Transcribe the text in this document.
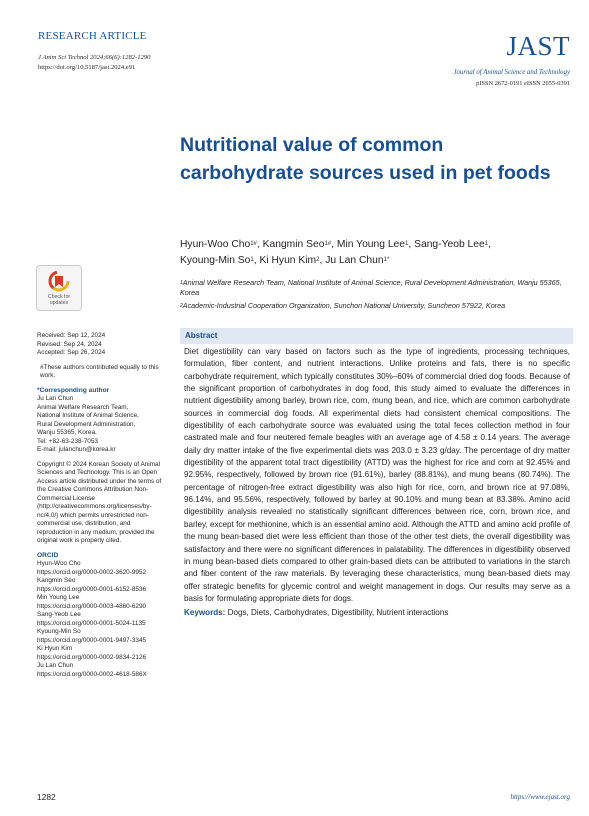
RESEARCH ARTICLE
J Anim Sci Technol 2024;66(6):1282-1290
https://doi.org/10.5187/jast.2024.e91
JAST
Journal of Animal Science and Technology
pISSN 2672-0191 eISSN 2055-0391
Nutritional value of common carbohydrate sources used in pet foods
Hyun-Woo Cho$^{1\#}$, Kangmin Seo$^{1\#}$, Min Young Lee$^1$, Sang-Yeob Lee$^1$,
Kyoung-Min So$^1$, Ki Hyun Kim$^2$, Ju Lan Chun$^{1*}$
$^1$Animal Welfare Research Team, National Institute of Animal Science, Rural Development Administration, Wanju 55365, Korea
$^2$Academic-Industrial Cooperation Organization, Sunchon National University, Suncheon 57922, Korea
Check for
updates
Received: Sep 12, 2024
Revised: Sep 24, 2024
Accepted: Sep 26, 2024
#These authors contributed equally to this work.
*Corresponding author
Ju Lan Chun
Animal Welfare Research Team,
National Institute of Animal Science,
Rural Development Administration,
Wanju 55365, Korea.
Tel: +82-63-238-7053
E-mail: julanchun@korea.kr
Copyright © 2024 Korean Society of Animal Sciences and Technology. This is an Open Access article distributed under the terms of the Creative Commons Attribution Non-Commercial License (http://creativecommons.org/licenses/by-nc/4.0/) which permits unrestricted non-commercial use, distribution, and reproduction in any medium, provided the original work is properly cited.
ORCID
Hyun-Woo Cho
https://orcid.org/0000-0002-3620-9952
Kangmin Seo
https://orcid.org/0000-0001-6152-8536
Min Young Lee
https://orcid.org/0000-0003-4860-6290
Sang-Yeob Lee
https://orcid.org/0000-0001-5024-1135
Kyoung-Min So
https://orcid.org/0000-0001-9497-3345
Ki Hyun Kim
https://orcid.org/0000-0002-9834-2126
Ju Lan Chun
https://orcid.org/0000-0002-4618-586X
Abstract

Diet digestibility can vary based on factors such as the type of ingredients, processing techniques, formulation, fiber content, and nutrient interactions. Unlike proteins and fats, there is no specific carbohydrate requirement, which typically constitutes 30%–60% of commercial dried dog foods. Because of the significant proportion of carbohydrates in dog food, this study aimed to evaluate the differences in nutrient digestibility among barley, brown rice, corn, mung bean, and rice, which are common carbohydrate sources in commercial dog foods. All experimental diets had consistent chemical compositions. The digestibility of each carbohydrate source was evaluated using the total feces collection method in four castrated male and four neutered female beagles with an average age of 4.58 ± 0.14 years. The average daily dry matter intake of the five experimental diets was 203.0 ± 3.23 g/day. The percentage of dry matter digestibility of the apparent total tract digestibility (ATTD) was the highest for rice and corn at 92.45% and 92.95%, respectively, followed by brown rice (91.61%), barley (88.81%), and mung beans (80.74%). The percentage of nitrogen-free extract digestibility was also high for rice, corn, and brown rice at 97.08%, 96.14%, and 95.56%, respectively, followed by barley at 90.10% and mung bean at 83.38%. Amino acid digestibility analysis revealed no statistically significant differences between rice, corn, brown rice, and barley, except for methionine, which is an essential amino acid. Although the ATTD and amino acid profile of the mung bean-based diet were less efficient than those of the other test diets, the overall digestibility was satisfactory and there were no significant differences in palatability. The differences in digestibility observed in mung bean-based diets compared to other grain-based diets can be attributed to variations in the starch and fiber content of the raw materials. By leveraging these characteristics, mung bean-based diets may offer strategic benefits for glycemic control and weight management in dogs. Our results may serve as a basis for formulating appropriate diets for dogs.

Keywords: Dogs, Diets, Carbohydrates, Digestibility, Nutrient interactions

1282	https://www.ejast.org
